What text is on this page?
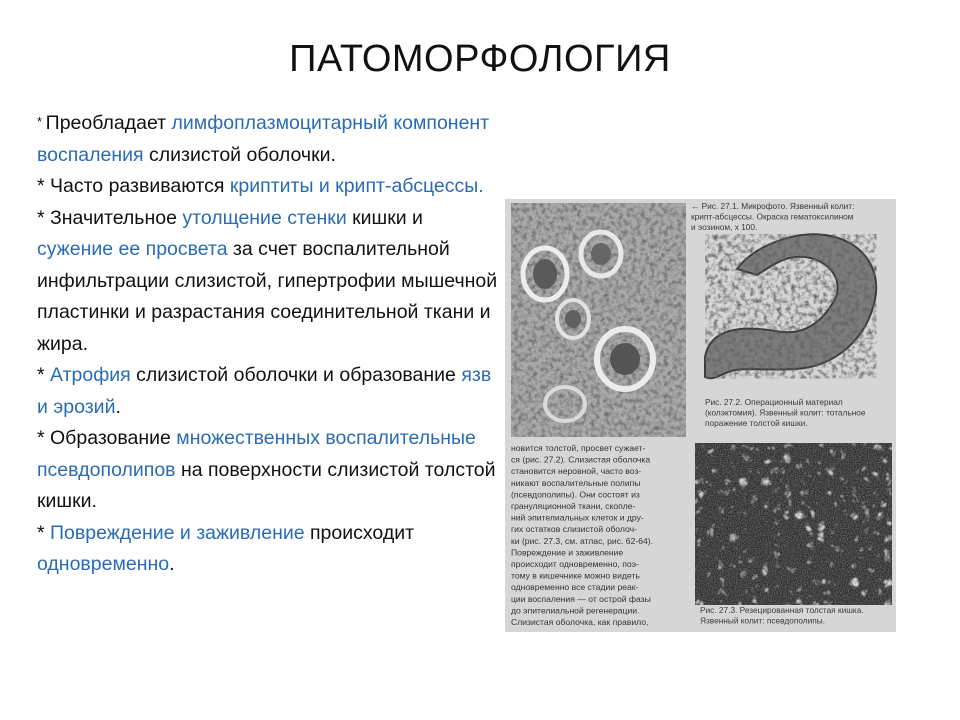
ПАТОМОРФОЛОГИЯ

* Преобладает лимфоплазмоцитарный компонент воспаления слизистой оболочки.

* Часто развиваются криптиты и крипт-абсцессы.

* Значительное утолщение стенки кишки и сужение ее просвета за счет воспалительной инфильтрации слизистой, гипертрофии мышечной пластинки и разрастания соединительной ткани и жира.

* Атрофия слизистой оболочки и образование язв и эрозий.

* Образование множественных воспалительные псевдополипов на поверхности слизистой толстой кишки.

* Повреждение и заживление происходит одновременно.

← Рис. 27.1. Микрофото. Язвенный колит: крипт-абсцессы. Окраска гематоксилином и эозином, х 100.
Рис. 27.2. Операционный материал (колэктомия). Язвенный колит: тотальное поражение толстой кишки.
новится толстой, просвет сужает-ся (рис. 27.2). Слизистая оболочка становится неровной, часто воз-никают воспалительные полипы (псевдополипы). Они состоят из грануляционной ткани, скопле-ний эпителиальных клеток и дру-гих остатков слизистой оболоч-ки (рис. 27.3, см. атлас, рис. 62-64). Повреждение и заживление происходит одновременно, поэ-тому в кишечнике можно видеть одновременно все стадии реак-ции воспаления — от острой фазы до эпителиальной регенерации. Слизистая оболочка, как правило,
Рис. 27.3. Резецированная толстая кишка. Язвенный колит: псевдополипы.
